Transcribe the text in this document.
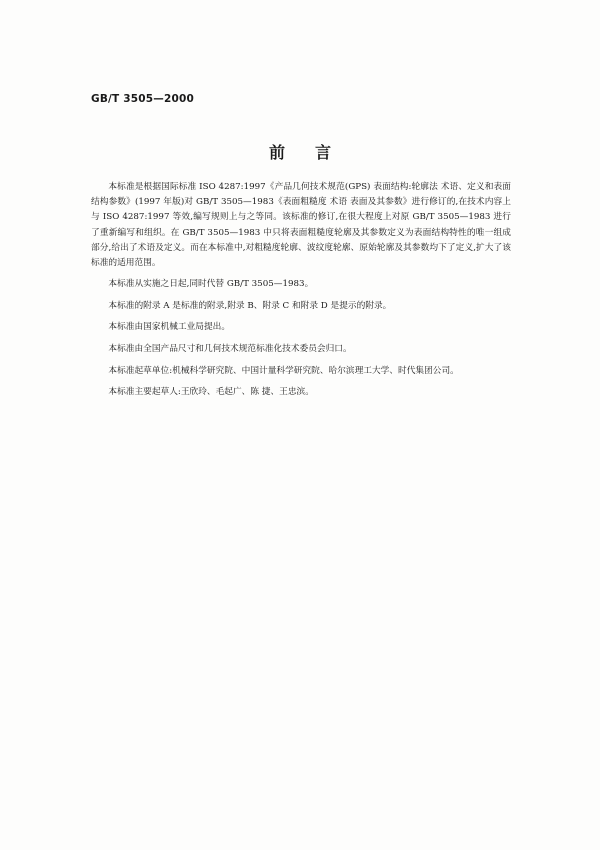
GB/T 3505—2000
前言

本标准是根据国际标准 ISO 4287:1997《产品几何技术规范(GPS) 表面结构:轮廓法 术语、定义和表面结构参数》(1997 年版)对 GB/T 3505—1983《表面粗糙度 术语 表面及其参数》进行修订的,在技术内容上与 ISO 4287:1997 等效,编写规则上与之等同。该标准的修订,在很大程度上对原 GB/T 3505—1983 进行了重新编写和组织。在 GB/T 3505—1983 中只将表面粗糙度轮廓及其参数定义为表面结构特性的唯一组成部分,给出了术语及定义。而在本标准中,对粗糙度轮廓、波纹度轮廓、原始轮廓及其参数均下了定义,扩大了该标准的适用范围。

本标准从实施之日起,同时代替 GB/T 3505—1983。

本标准的附录 A 是标准的附录,附录 B、附录 C 和附录 D 是提示的附录。

本标准由国家机械工业局提出。

本标准由全国产品尺寸和几何技术规范标准化技术委员会归口。

本标准起草单位:机械科学研究院、中国计量科学研究院、哈尔滨理工大学、时代集团公司。

本标准主要起草人:王欣玲、毛起广、陈 捷、王忠滨。
